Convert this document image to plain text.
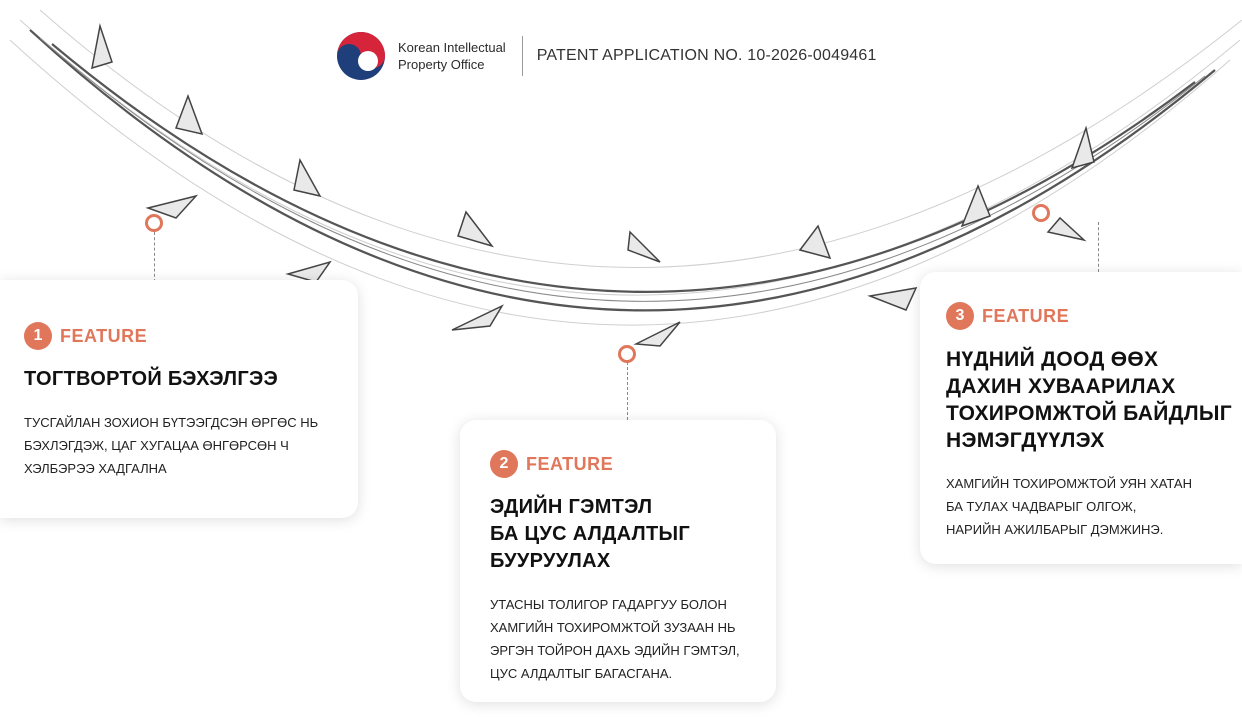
Korean Intellectual
Property Office
PATENT APPLICATION NO. 10-2026-0049461
1 FEATURE
ТОГТВОРТОЙ БЭХЭЛГЭЭ
ТУСГАЙЛАН ЗОХИОН БҮТЭЭГДСЭН ӨРГӨС НЬ
БЭХЛЭГДЭЖ, ЦАГ ХУГАЦАА ӨНГӨРСӨН Ч
ХЭЛБЭРЭЭ ХАДГАЛНА	2 FEATURE
ЭДИЙН ГЭМТЭЛ
БА ЦУС АЛДАЛТЫГ
БУУРУУЛАХ
УТАСНЫ ТОЛИГОР ГАДАРГУУ БОЛОН
ХАМГИЙН ТОХИРОМЖТОЙ ЗУЗААН НЬ
ЭРГЭН ТОЙРОН ДАХЬ ЭДИЙН ГЭМТЭЛ,
ЦУС АЛДАЛТЫГ БАГАСГАНА.
3 FEATURE
НҮДНИЙ ДООД ӨӨХ
ДАХИН ХУВААРИЛАХ
ТОХИРОМЖТОЙ БАЙДЛЫГ
НЭМЭГДҮҮЛЭХ
ХАМГИЙН ТОХИРОМЖТОЙ УЯН ХАТАН
БА ТУЛАХ ЧАДВАРЫГ ОЛГОЖ,
НАРИЙН АЖИЛБАРЫГ ДЭМЖИНЭ.
